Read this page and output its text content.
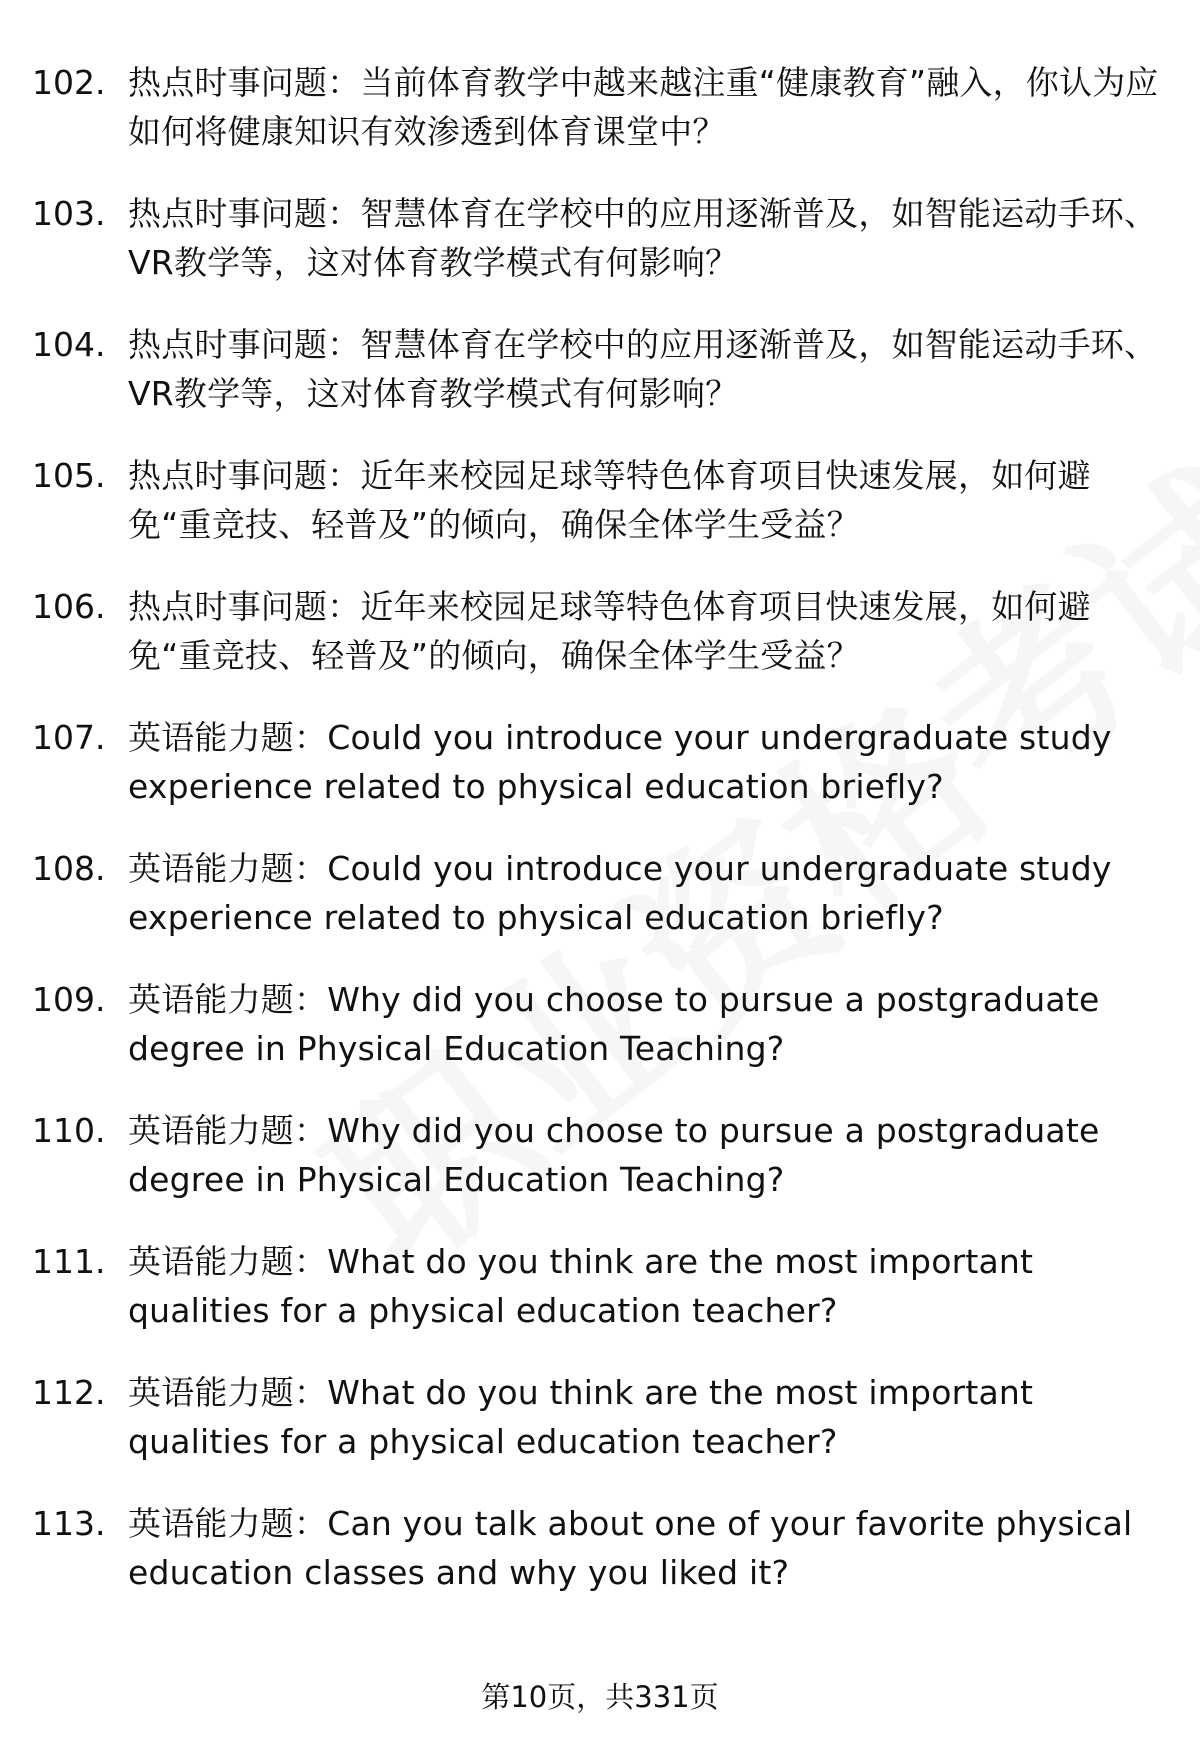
102. 热点时事问题：当前体育教学中越来越注重“健康教育”融入，你认为应如何将健康知识有效渗透到体育课堂中？
103. 热点时事问题：智慧体育在学校中的应用逐渐普及，如智能运动手环、VR教学等，这对体育教学模式有何影响？
104. 热点时事问题：智慧体育在学校中的应用逐渐普及，如智能运动手环、VR教学等，这对体育教学模式有何影响？
105. 热点时事问题：近年来校园足球等特色体育项目快速发展，如何避免“重竞技、轻普及”的倾向，确保全体学生受益？
106. 热点时事问题：近年来校园足球等特色体育项目快速发展，如何避免“重竞技、轻普及”的倾向，确保全体学生受益？
107. 英语能力题：Could you introduce your undergraduate study experience related to physical education briefly?
108. 英语能力题：Could you introduce your undergraduate study experience related to physical education briefly?
109. 英语能力题：Why did you choose to pursue a postgraduate degree in Physical Education Teaching?
110. 英语能力题：Why did you choose to pursue a postgraduate degree in Physical Education Teaching?
111. 英语能力题：What do you think are the most important qualities for a physical education teacher?
112. 英语能力题：What do you think are the most important qualities for a physical education teacher?
113. 英语能力题：Can you talk about one of your favorite physical education classes and why you liked it?
第10页，共331页
